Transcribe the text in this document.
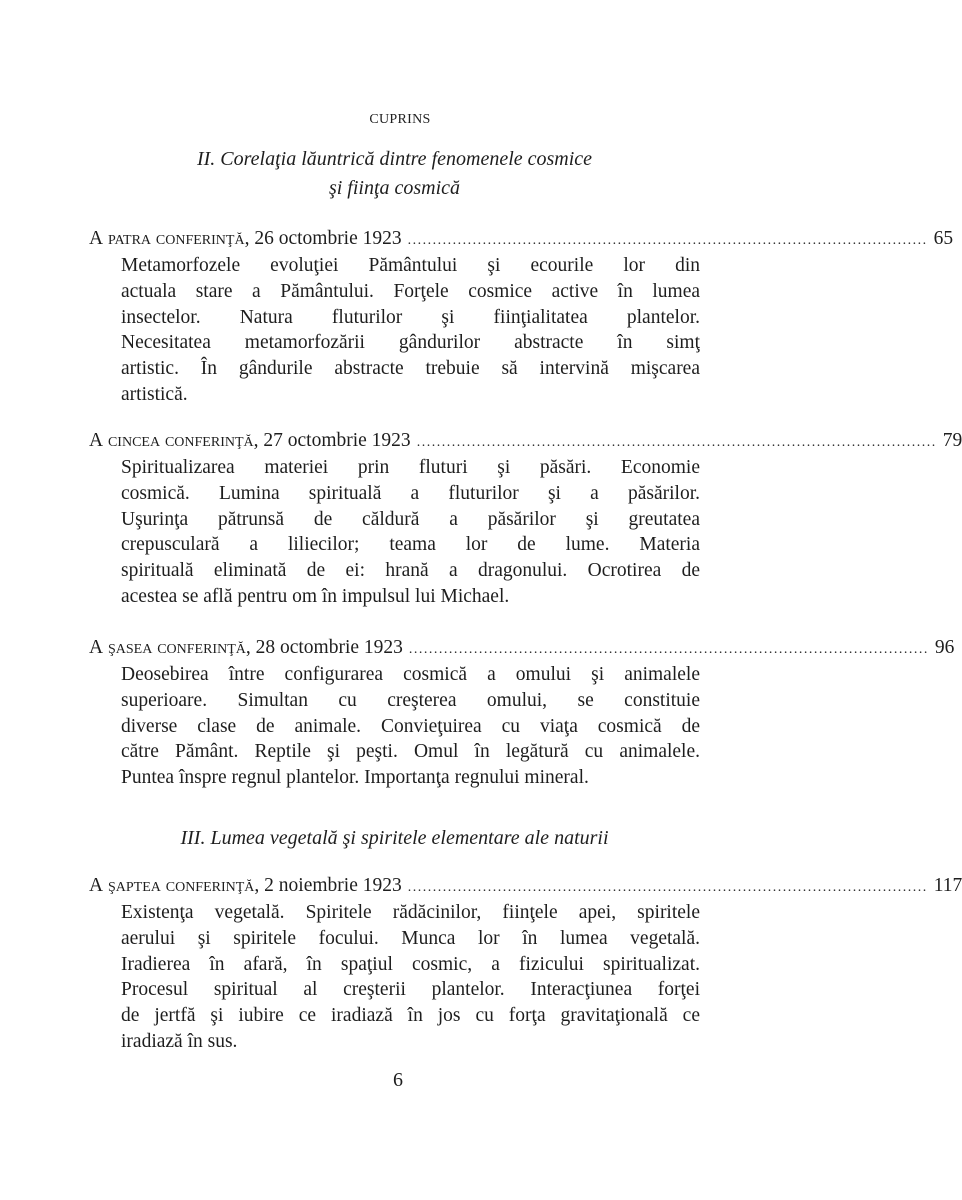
CUPRINS
II. Corelaţia lăuntrică dintre fenomenele cosmice
şi fiinţa cosmică
III. Lumea vegetală şi spiritele elementare ale naturii
A
patra conferinţă , 26 octombrie 1923 ........................................................................................................ 65
Metamorfozele evoluţiei Pământului şi ecourile lor din
actuala stare a Pământului. Forţele cosmice active în lumea
insectelor. Natura fluturilor şi fiinţialitatea plantelor.
Necesitatea metamorfozării gândurilor abstracte în simţ
artistic. În gândurile abstracte trebuie să intervină mişcarea
artistică.
A
cincea conferinţă , 27 octombrie 1923 ........................................................................................................ 79
Spiritualizarea materiei prin fluturi şi păsări. Economie
cosmică. Lumina spirituală a fluturilor şi a păsărilor.
Uşurinţa pătrunsă de căldură a păsărilor şi greutatea
crepusculară a liliecilor; teama lor de lume. Materia
spirituală eliminată de ei: hrană a dragonului. Ocrotirea de
acestea se află pentru om în impulsul lui Michael.
A
şasea conferinţă , 28 octombrie 1923 ........................................................................................................ 96
Deosebirea între configurarea cosmică a omului şi animalele
superioare. Simultan cu creşterea omului, se constituie
diverse clase de animale. Convieţuirea cu viaţa cosmică de
către Pământ. Reptile şi peşti. Omul în legătură cu animalele.
Puntea înspre regnul plantelor. Importanţa regnului mineral.
A
şaptea conferinţă , 2 noiembrie 1923 ........................................................................................................ 117
Existenţa vegetală. Spiritele rădăcinilor, fiinţele apei, spiritele
aerului şi spiritele focului. Munca lor în lumea vegetală.
Iradierea în afară, în spaţiul cosmic, a fizicului spiritualizat.
Procesul spiritual al creşterii plantelor. Interacţiunea forţei
de jertfă şi iubire ce iradiază în jos cu forţa gravitaţională ce
iradiază în sus.
6
